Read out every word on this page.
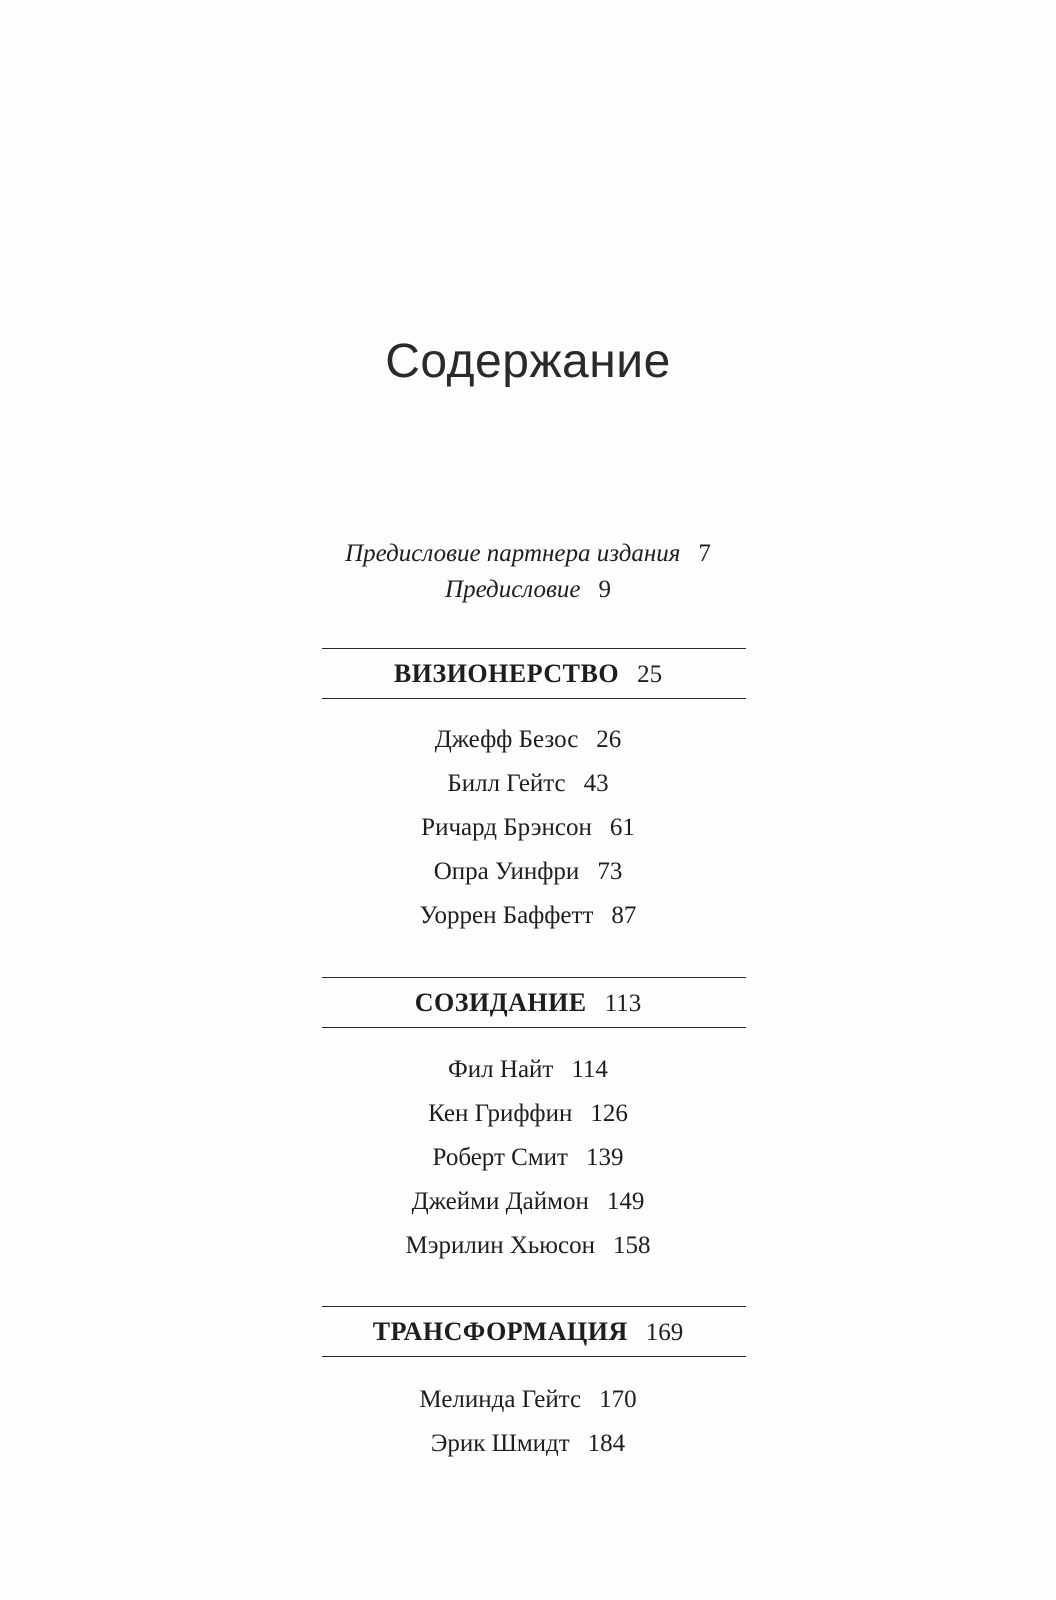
Содержание
Предисловие партнера издания 7
Предисловие 9
ВИЗИОНЕРСТВО 25
Джефф Безос 26
Билл Гейтс 43
Ричард Брэнсон 61
Опра Уинфри 73
Уоррен Баффетт 87
СОЗИДАНИЕ 113
Фил Найт 114
Кен Гриффин 126
Роберт Смит 139
Джейми Даймон 149
Мэрилин Хьюсон 158
ТРАНСФОРМАЦИЯ 169
Мелинда Гейтс 170
Эрик Шмидт 184
